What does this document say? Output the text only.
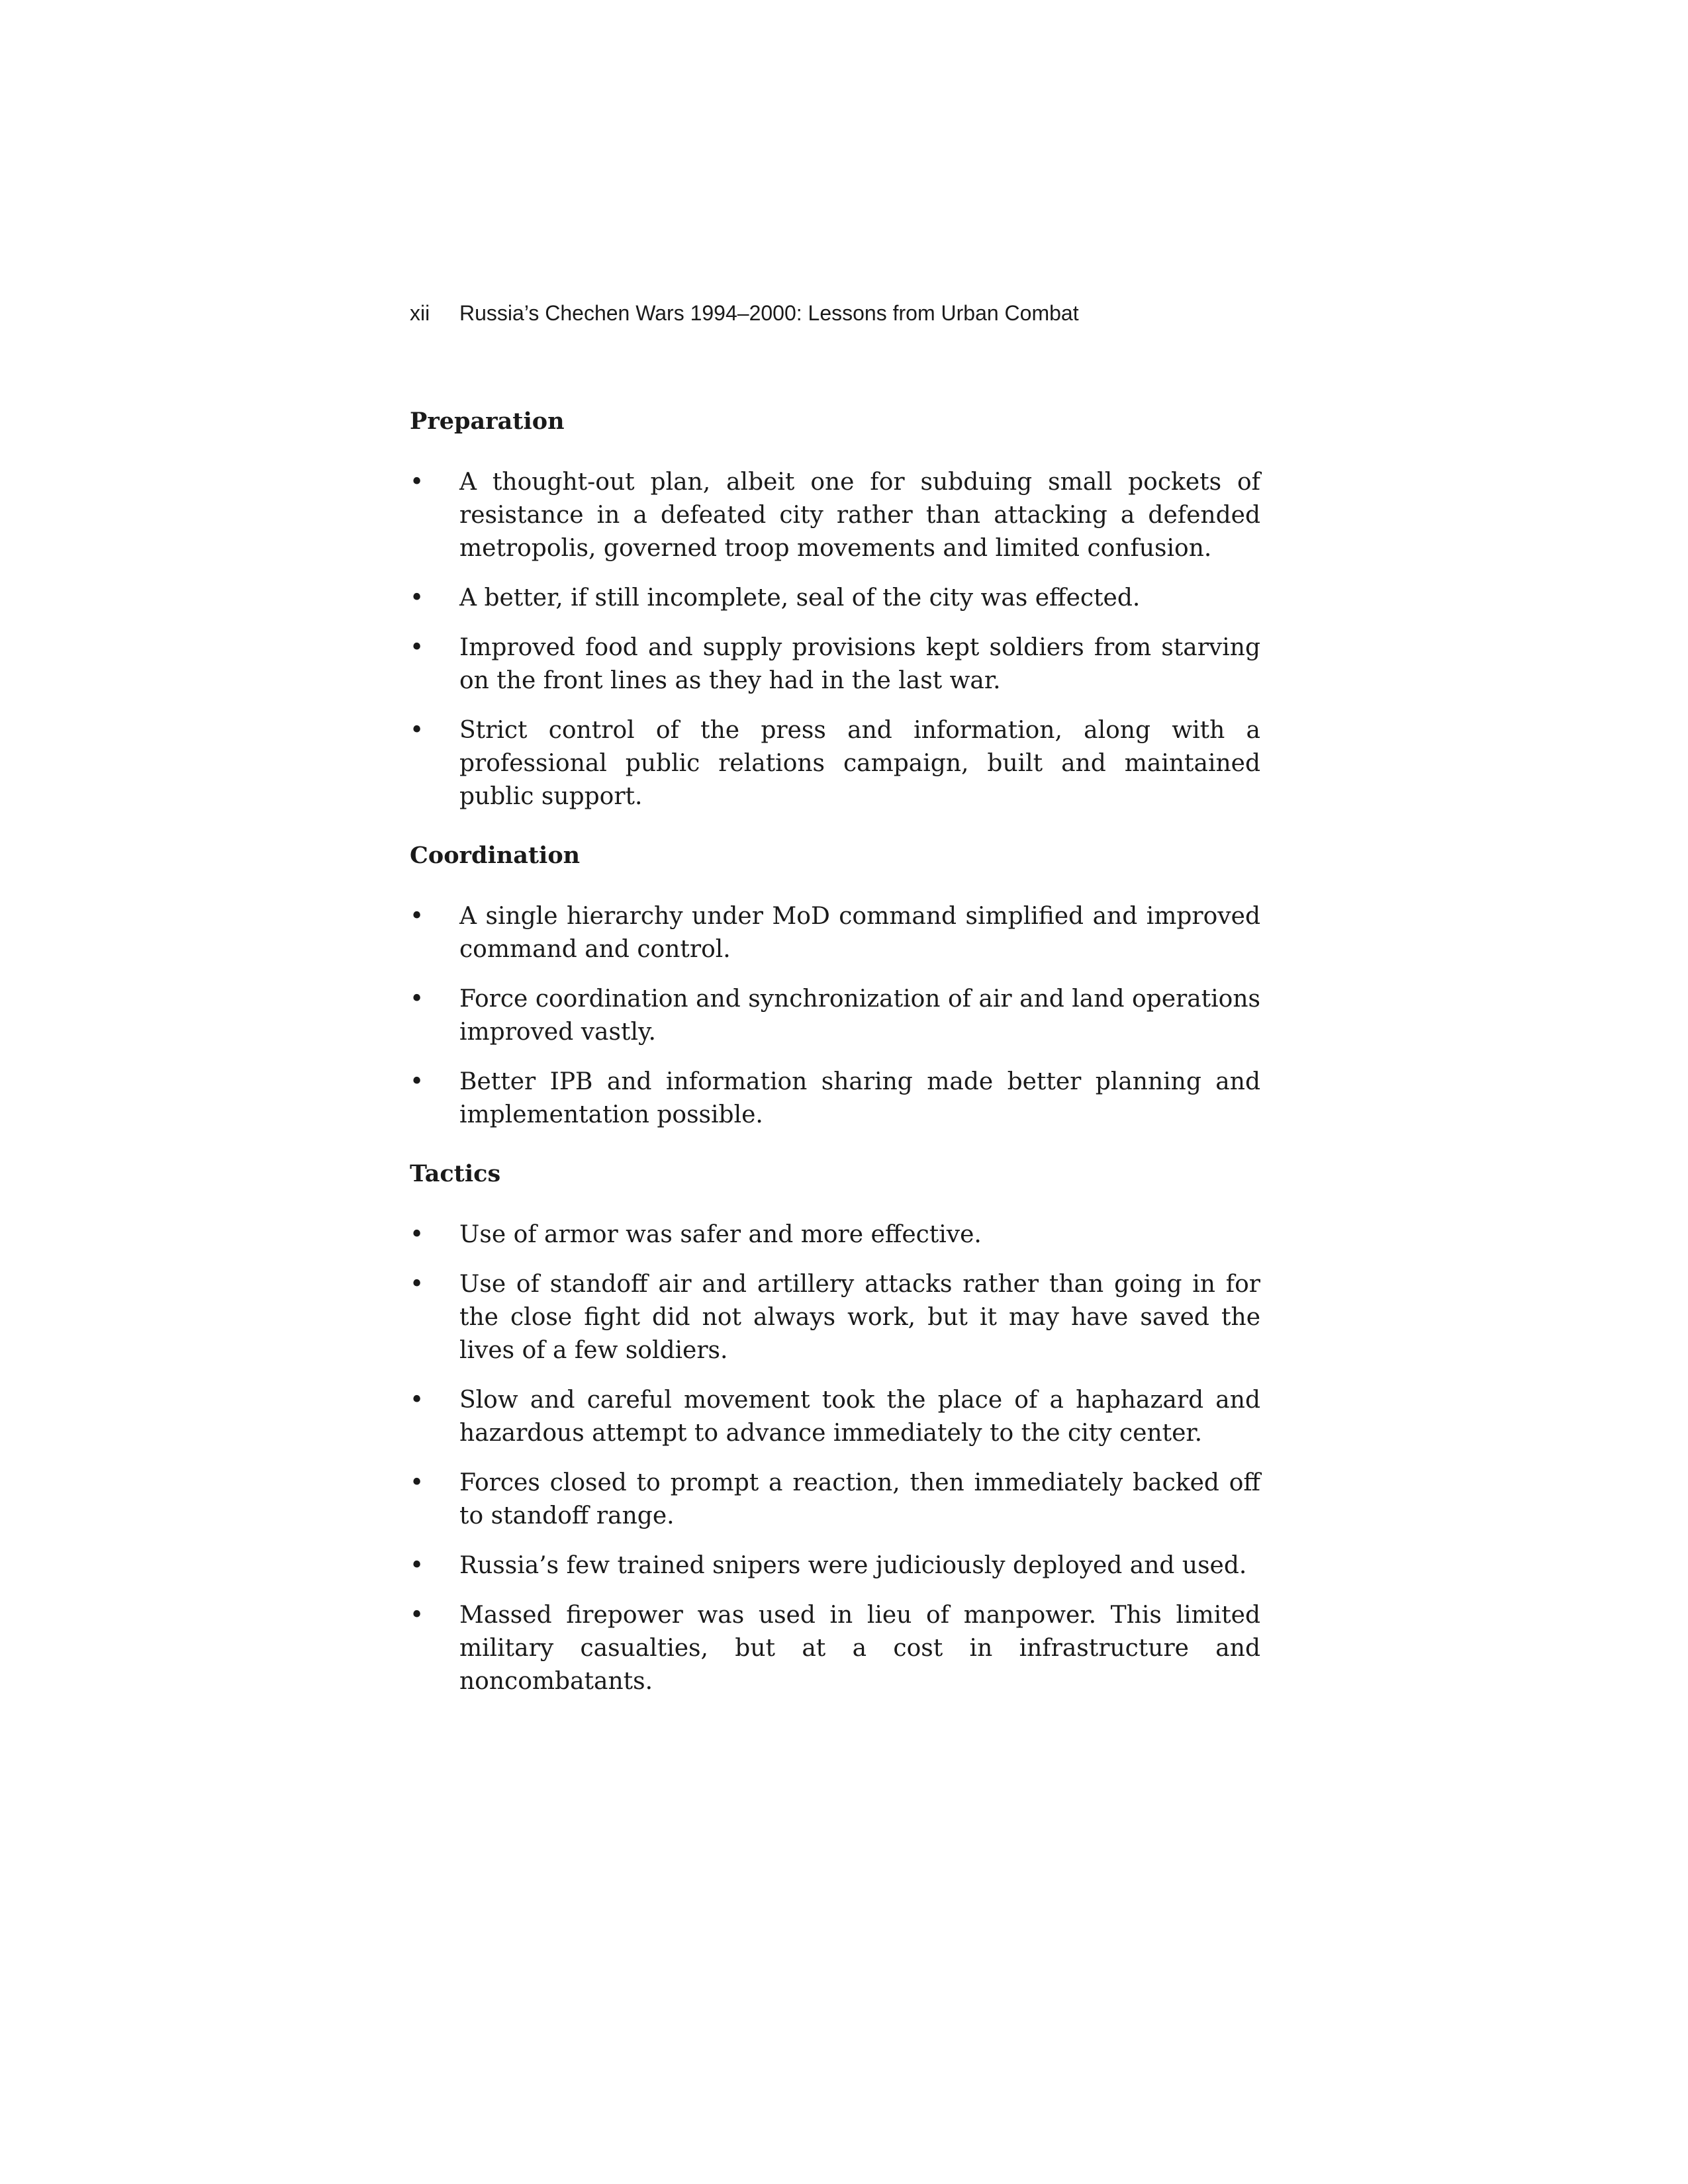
xii Russia’s Chechen Wars 1994–2000: Lessons from Urban Combat
Preparation
• A thought-out plan, albeit one for subduing small pockets of resistance in a defeated city rather than attacking a defended metropolis, governed troop movements and limited confusion.
• A better, if still incomplete, seal of the city was effected.
• Improved food and supply provisions kept soldiers from starving on the front lines as they had in the last war.
• Strict control of the press and information, along with a professional public relations campaign, built and maintained public support.
Coordination
• A single hierarchy under MoD command simplified and improved command and control.
• Force coordination and synchronization of air and land operations improved vastly.
• Better IPB and information sharing made better planning and implementation possible.
Tactics
• Use of armor was safer and more effective.
• Use of standoff air and artillery attacks rather than going in for the close fight did not always work, but it may have saved the lives of a few soldiers.
• Slow and careful movement took the place of a haphazard and hazardous attempt to advance immediately to the city center.
• Forces closed to prompt a reaction, then immediately backed off to standoff range.
• Russia’s few trained snipers were judiciously deployed and used.
• Massed firepower was used in lieu of manpower. This limited military casualties, but at a cost in infrastructure and noncombatants.
